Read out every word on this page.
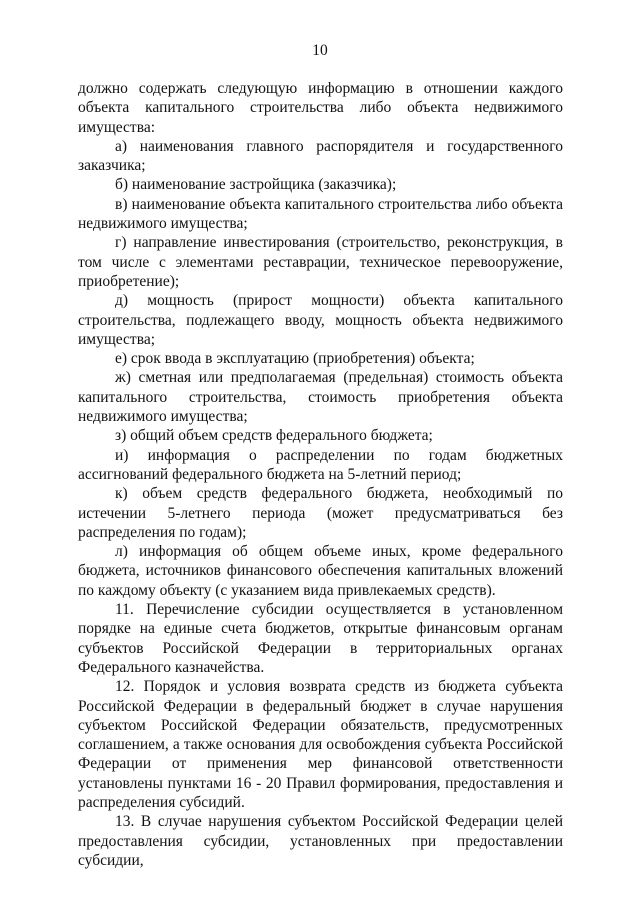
10

должно содержать следующую информацию в отношении каждого объекта капитального строительства либо объекта недвижимого имущества:

а) наименования главного распорядителя и государственного заказчика;

б) наименование застройщика (заказчика);

в) наименование объекта капитального строительства либо объекта недвижимого имущества;

г) направление инвестирования (строительство, реконструкция, в том числе с элементами реставрации, техническое перевооружение, приобретение);

д) мощность (прирост мощности) объекта капитального строительства, подлежащего вводу, мощность объекта недвижимого имущества;

е) срок ввода в эксплуатацию (приобретения) объекта;

ж) сметная или предполагаемая (предельная) стоимость объекта капитального строительства, стоимость приобретения объекта недвижимого имущества;

з) общий объем средств федерального бюджета;

и) информация о распределении по годам бюджетных ассигнований федерального бюджета на 5-летний период;

к) объем средств федерального бюджета, необходимый по истечении 5-летнего периода (может предусматриваться без распределения по годам);

л) информация об общем объеме иных, кроме федерального бюджета, источников финансового обеспечения капитальных вложений по каждому объекту (с указанием вида привлекаемых средств).

11. Перечисление субсидии осуществляется в установленном порядке на единые счета бюджетов, открытые финансовым органам субъектов Российской Федерации в территориальных органах Федерального казначейства.

12. Порядок и условия возврата средств из бюджета субъекта Российской Федерации в федеральный бюджет в случае нарушения субъектом Российской Федерации обязательств, предусмотренных соглашением, а также основания для освобождения субъекта Российской Федерации от применения мер финансовой ответственности установлены пунктами 16 - 20 Правил формирования, предоставления и распределения субсидий.

13. В случае нарушения субъектом Российской Федерации целей предоставления субсидии, установленных при предоставлении субсидии,
